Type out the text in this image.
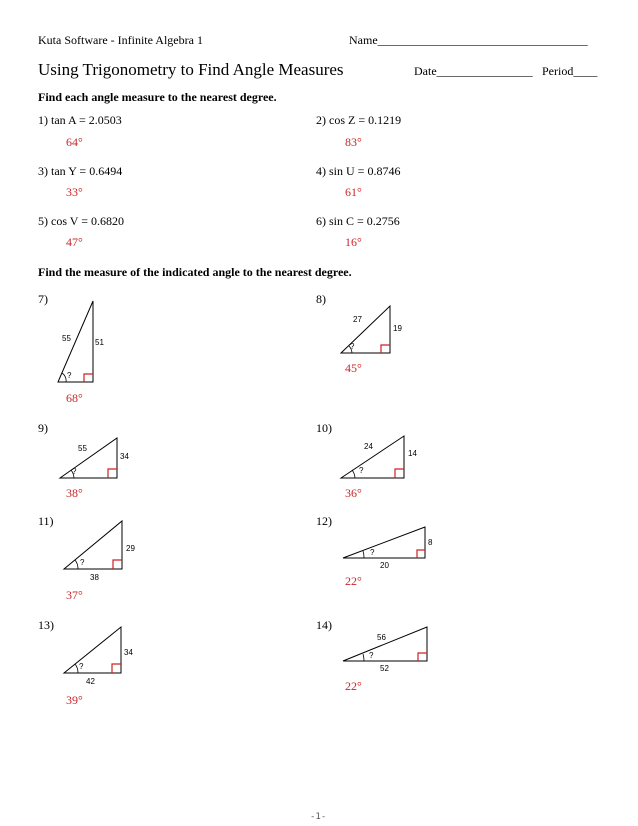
Kuta Software - Infinite Algebra 1	Name___________________________________
Using Trigonometry to Find Angle Measures	Date________________ Period____
Find each angle measure to the nearest degree.
1) tan A = 2.0503
64°
2) cos Z = 0.1219
83°
3) tan Y = 0.6494
33°
4) sin U = 0.8746
61°
5) cos V = 0.6820
47°
6) sin C = 0.2756
16°
Find the measure of the indicated angle to the nearest degree.
7)
55	51
?
27
19
?
55
34
?
24
14
?
29
38
?
8
20
?
34
42
?
56
52
?
68°
8)
45°
9)
38°
10)
36°
11)
37°
12)
22°
13)
39°
14)
22°
-1-
